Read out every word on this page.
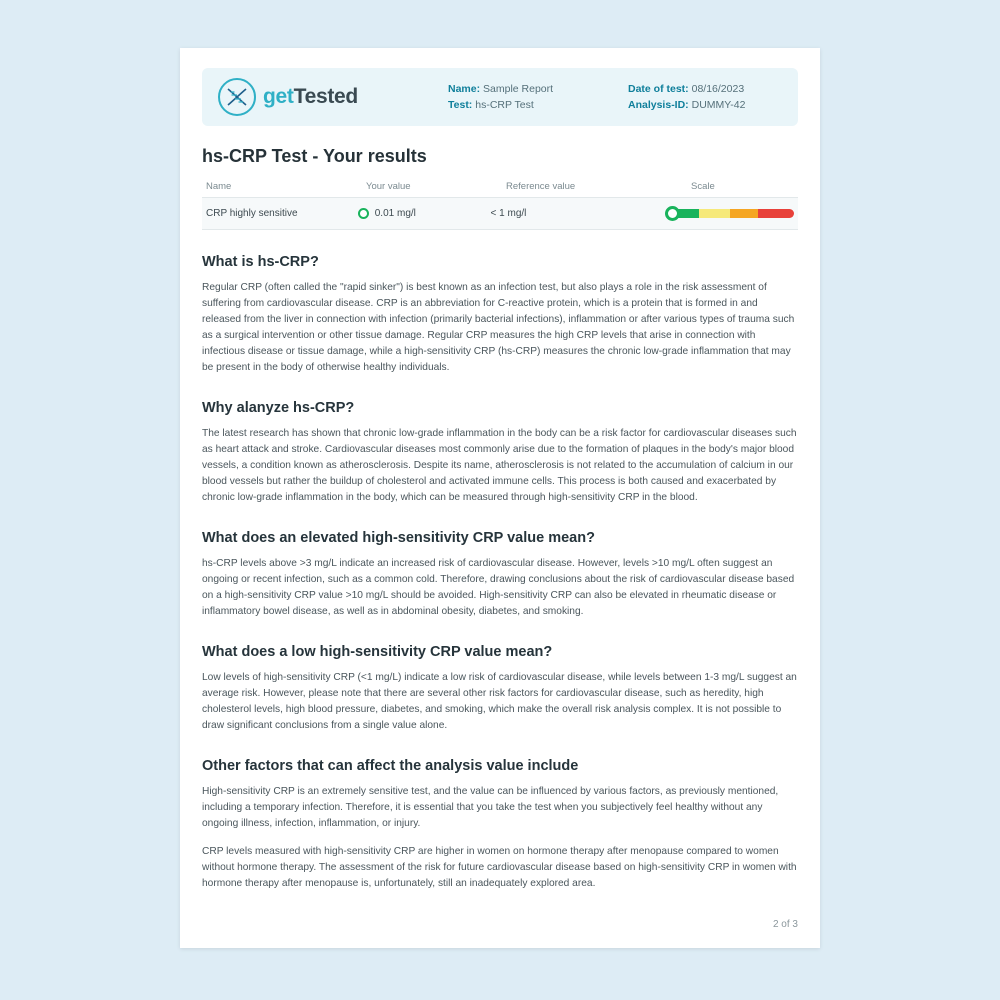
getTested	Name: Sample Report
Test: hs-CRP Test
Date of test: 08/16/2023
Analysis-ID: DUMMY-42
hs-CRP Test - Your results
Name	Your value	Reference value	Scale
CRP highly sensitive	0.01 mg/l	< 1 mg/l
What is hs-CRP?

Regular CRP (often called the "rapid sinker") is best known as an infection test, but also plays a role in the risk assessment of suffering from cardiovascular disease. CRP is an abbreviation for C-reactive protein, which is a protein that is formed in and released from the liver in connection with infection (primarily bacterial infections), inflammation or after various types of trauma such as a surgical intervention or other tissue damage. Regular CRP measures the high CRP levels that arise in connection with infectious disease or tissue damage, while a high-sensitivity CRP (hs-CRP) measures the chronic low-grade inflammation that may be present in the body of otherwise healthy individuals.

Why alanyze hs-CRP?

The latest research has shown that chronic low-grade inflammation in the body can be a risk factor for cardiovascular diseases such as heart attack and stroke. Cardiovascular diseases most commonly arise due to the formation of plaques in the body's major blood vessels, a condition known as atherosclerosis. Despite its name, atherosclerosis is not related to the accumulation of calcium in our blood vessels but rather the buildup of cholesterol and activated immune cells. This process is both caused and exacerbated by chronic low-grade inflammation in the body, which can be measured through high-sensitivity CRP in the blood.

What does an elevated high-sensitivity CRP value mean?

hs-CRP levels above >3 mg/L indicate an increased risk of cardiovascular disease. However, levels >10 mg/L often suggest an ongoing or recent infection, such as a common cold. Therefore, drawing conclusions about the risk of cardiovascular disease based on a high-sensitivity CRP value >10 mg/L should be avoided. High-sensitivity CRP can also be elevated in rheumatic disease or inflammatory bowel disease, as well as in abdominal obesity, diabetes, and smoking.

What does a low high-sensitivity CRP value mean?

Low levels of high-sensitivity CRP (<1 mg/L) indicate a low risk of cardiovascular disease, while levels between 1-3 mg/L suggest an average risk. However, please note that there are several other risk factors for cardiovascular disease, such as heredity, high cholesterol levels, high blood pressure, diabetes, and smoking, which make the overall risk analysis complex. It is not possible to draw significant conclusions from a single value alone.

Other factors that can affect the analysis value include

High-sensitivity CRP is an extremely sensitive test, and the value can be influenced by various factors, as previously mentioned, including a temporary infection. Therefore, it is essential that you take the test when you subjectively feel healthy without any ongoing illness, infection, inflammation, or injury.

CRP levels measured with high-sensitivity CRP are higher in women on hormone therapy after menopause compared to women without hormone therapy. The assessment of the risk for future cardiovascular disease based on high-sensitivity CRP in women with hormone therapy after menopause is, unfortunately, still an inadequately explored area.

2 of 3
